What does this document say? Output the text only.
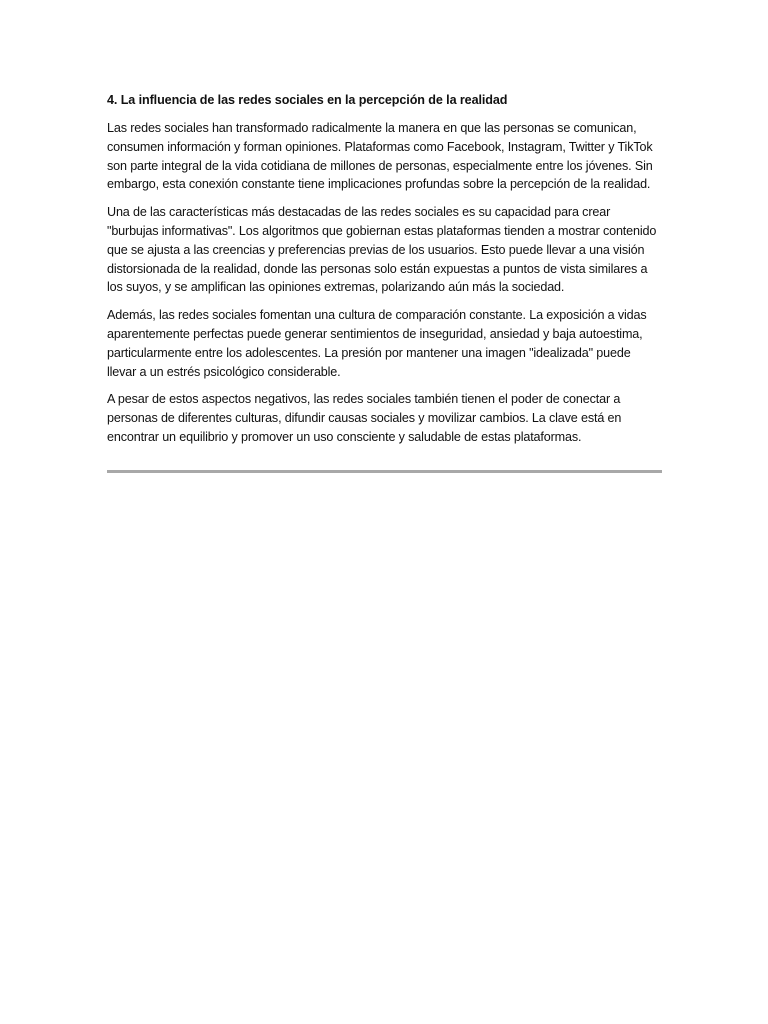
4. La influencia de las redes sociales en la percepción de la realidad

Las redes sociales han transformado radicalmente la manera en que las personas se comunican, consumen información y forman opiniones. Plataformas como Facebook, Instagram, Twitter y TikTok son parte integral de la vida cotidiana de millones de personas, especialmente entre los jóvenes. Sin embargo, esta conexión constante tiene implicaciones profundas sobre la percepción de la realidad.

Una de las características más destacadas de las redes sociales es su capacidad para crear "burbujas informativas". Los algoritmos que gobiernan estas plataformas tienden a mostrar contenido que se ajusta a las creencias y preferencias previas de los usuarios. Esto puede llevar a una visión distorsionada de la realidad, donde las personas solo están expuestas a puntos de vista similares a los suyos, y se amplifican las opiniones extremas, polarizando aún más la sociedad.

Además, las redes sociales fomentan una cultura de comparación constante. La exposición a vidas aparentemente perfectas puede generar sentimientos de inseguridad, ansiedad y baja autoestima, particularmente entre los adolescentes. La presión por mantener una imagen "idealizada" puede llevar a un estrés psicológico considerable.

A pesar de estos aspectos negativos, las redes sociales también tienen el poder de conectar a personas de diferentes culturas, difundir causas sociales y movilizar cambios. La clave está en encontrar un equilibrio y promover un uso consciente y saludable de estas plataformas.
